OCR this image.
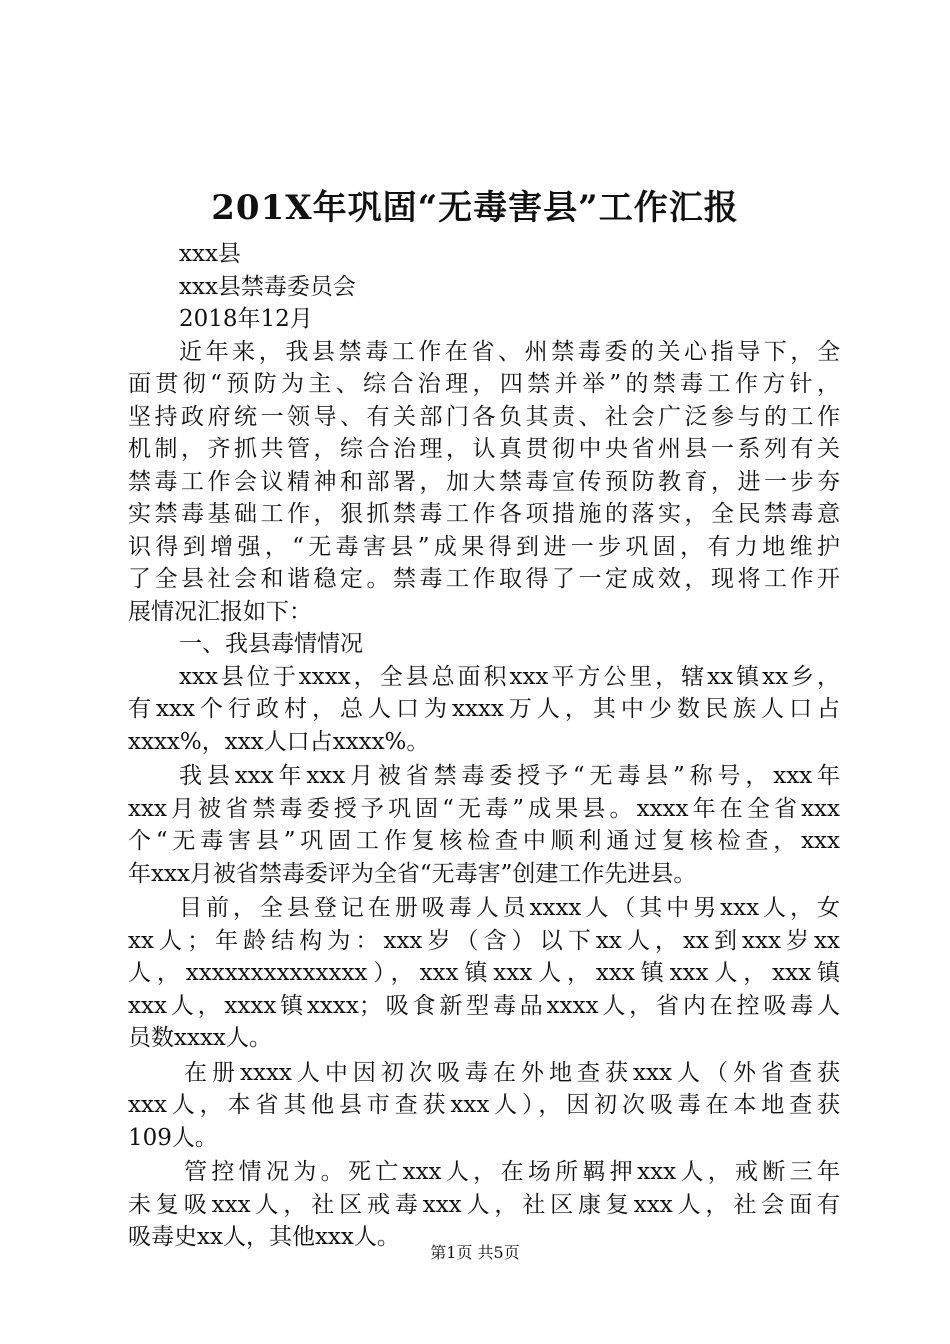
201X年巩固“无毒害县”工作汇报
xxx县
xxx县禁毒委员会
2018年12月
近年来，我县禁毒工作在省、州禁毒委的关心指导下，全
面贯彻“预防为主、综合治理，四禁并举”的禁毒工作方针，
坚持政府统一领导、有关部门各负其责、社会广泛参与的工作
机制，齐抓共管，综合治理，认真贯彻中央省州县一系列有关
禁毒工作会议精神和部署，加大禁毒宣传预防教育，进一步夯
实禁毒基础工作，狠抓禁毒工作各项措施的落实，全民禁毒意
识得到增强，“无毒害县”成果得到进一步巩固，有力地维护
了全县社会和谐稳定。禁毒工作取得了一定成效，现将工作开
展情况汇报如下：
一、我县毒情情况
xxx县位于xxxx，全县总面积xxx平方公里，辖xx镇xx乡，
有xxx个行政村，总人口为xxxx万人，其中少数民族人口占
xxxx%，xxx人口占xxxx%。
我县xxx年xxx月被省禁毒委授予“无毒县”称号，xxx年
xxx月被省禁毒委授予巩固“无毒”成果县。xxxx年在全省xxx
个“无毒害县”巩固工作复核检查中顺利通过复核检查，xxx
年xxx月被省禁毒委评为全省“无毒害”创建工作先进县。
目前，全县登记在册吸毒人员xxxx人（其中男xxx人，女
xx人；年龄结构为：xxx岁（含）以下xx人，xx到xxx岁xx
人，xxxxxxxxxxxxxx），xxx镇xxx人，xxx镇xxx人，xxx镇
xxx人，xxxx镇xxxx；吸食新型毒品xxxx人，省内在控吸毒人
员数xxxx人。
在册xxxx人中因初次吸毒在外地查获xxx人（外省查获
xxx人，本省其他县市查获xxx人），因初次吸毒在本地查获
109人。
管控情况为。死亡xxx人，在场所羁押xxx人，戒断三年
未复吸xxx人，社区戒毒xxx人，社区康复xxx人，社会面有
吸毒史xx人，其他xxx人。
第1页 共5页
